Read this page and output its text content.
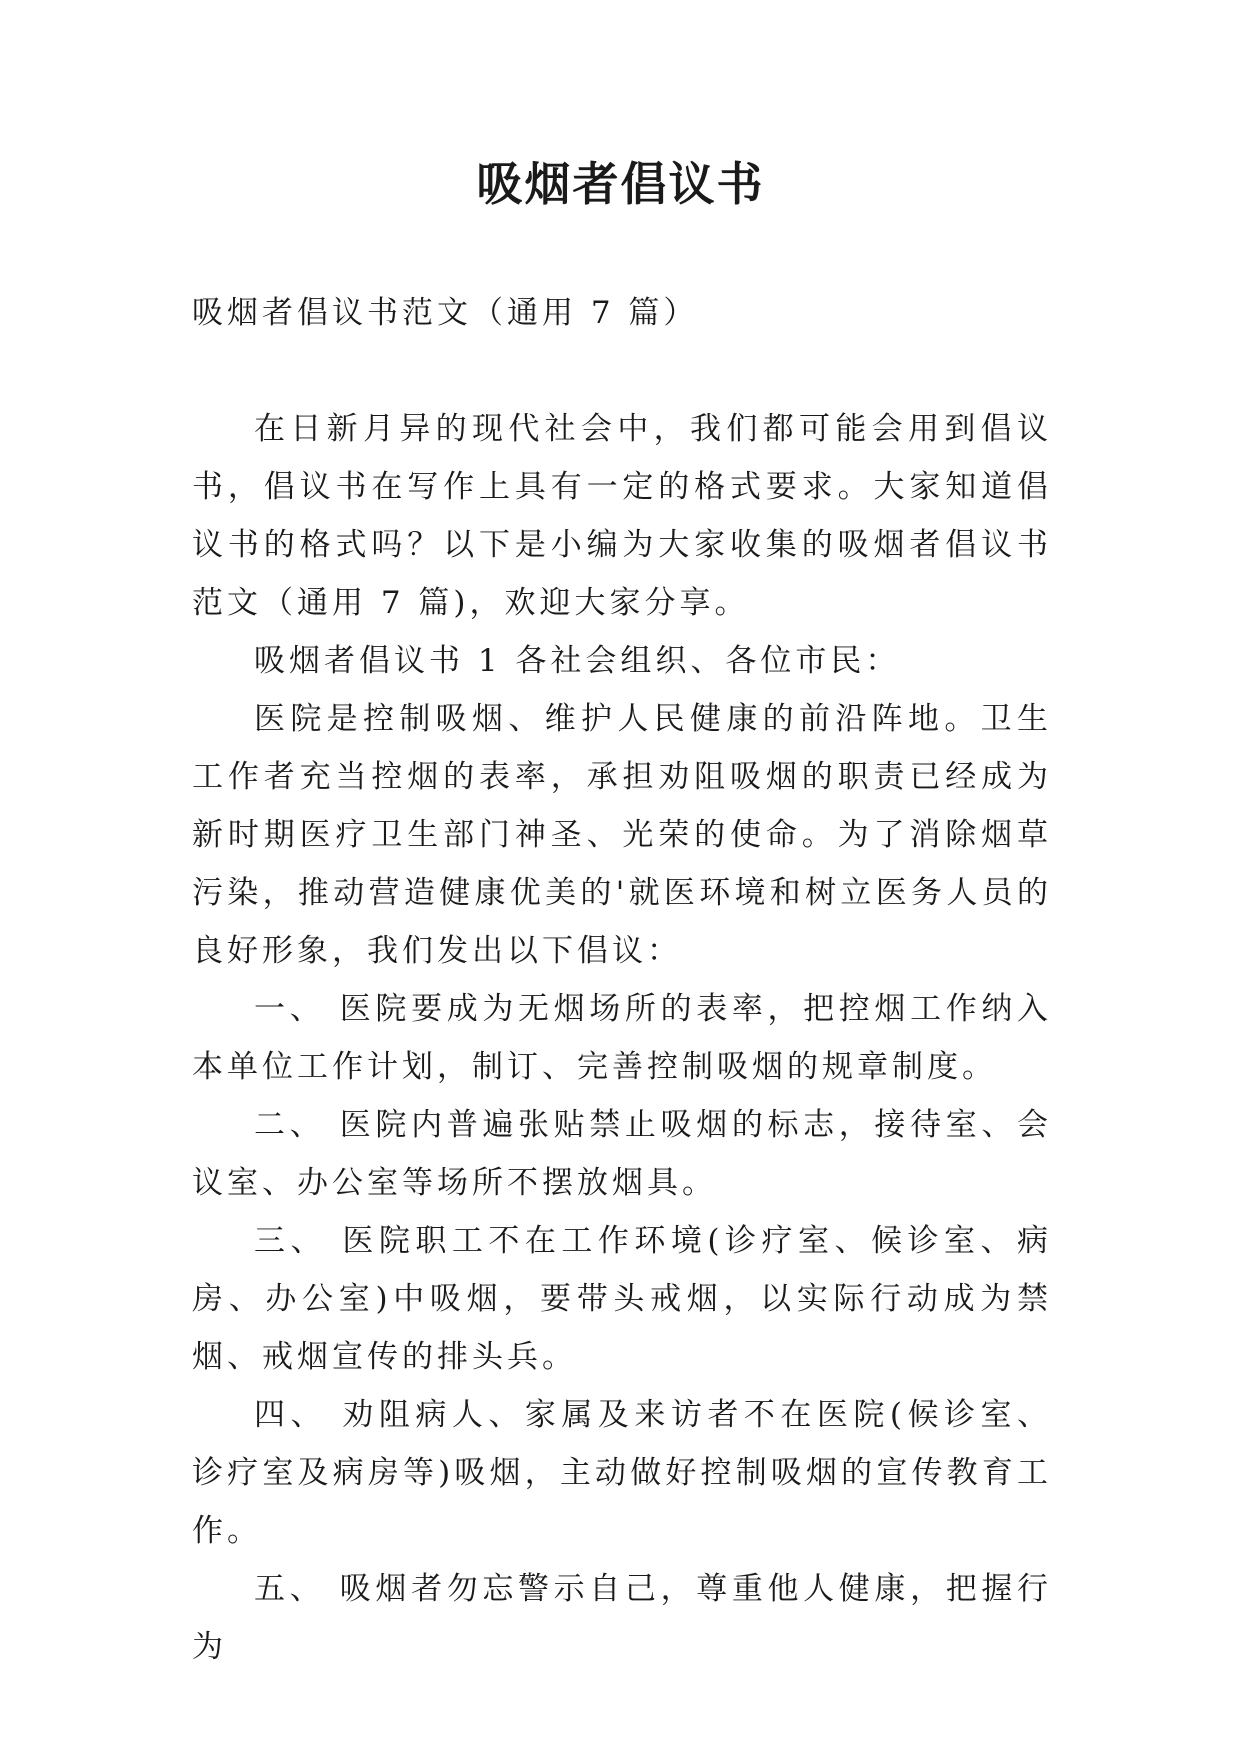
吸烟者倡议书

吸烟者倡议书范文（通用 7 篇）

在日新月异的现代社会中，我们都可能会用到倡议书，倡议书在写作上具有一定的格式要求。大家知道倡议书的格式吗？以下是小编为大家收集的吸烟者倡议书范文（通用 7 篇)，欢迎大家分享。

吸烟者倡议书 1 各社会组织、各位市民：

医院是控制吸烟、维护人民健康的前沿阵地。卫生工作者充当控烟的表率，承担劝阻吸烟的职责已经成为新时期医疗卫生部门神圣、光荣的使命。为了消除烟草污染，推动营造健康优美的'就医环境和树立医务人员的良好形象，我们发出以下倡议：

一、 医院要成为无烟场所的表率，把控烟工作纳入本单位工作计划，制订、完善控制吸烟的规章制度。

二、 医院内普遍张贴禁止吸烟的标志，接待室、会议室、办公室等场所不摆放烟具。

三、 医院职工不在工作环境(诊疗室、候诊室、病房、办公室)中吸烟，要带头戒烟，以实际行动成为禁烟、戒烟宣传的排头兵。

四、 劝阻病人、家属及来访者不在医院(候诊室、诊疗室及病房等)吸烟，主动做好控制吸烟的宣传教育工作。

五、 吸烟者勿忘警示自己，尊重他人健康，把握行为
